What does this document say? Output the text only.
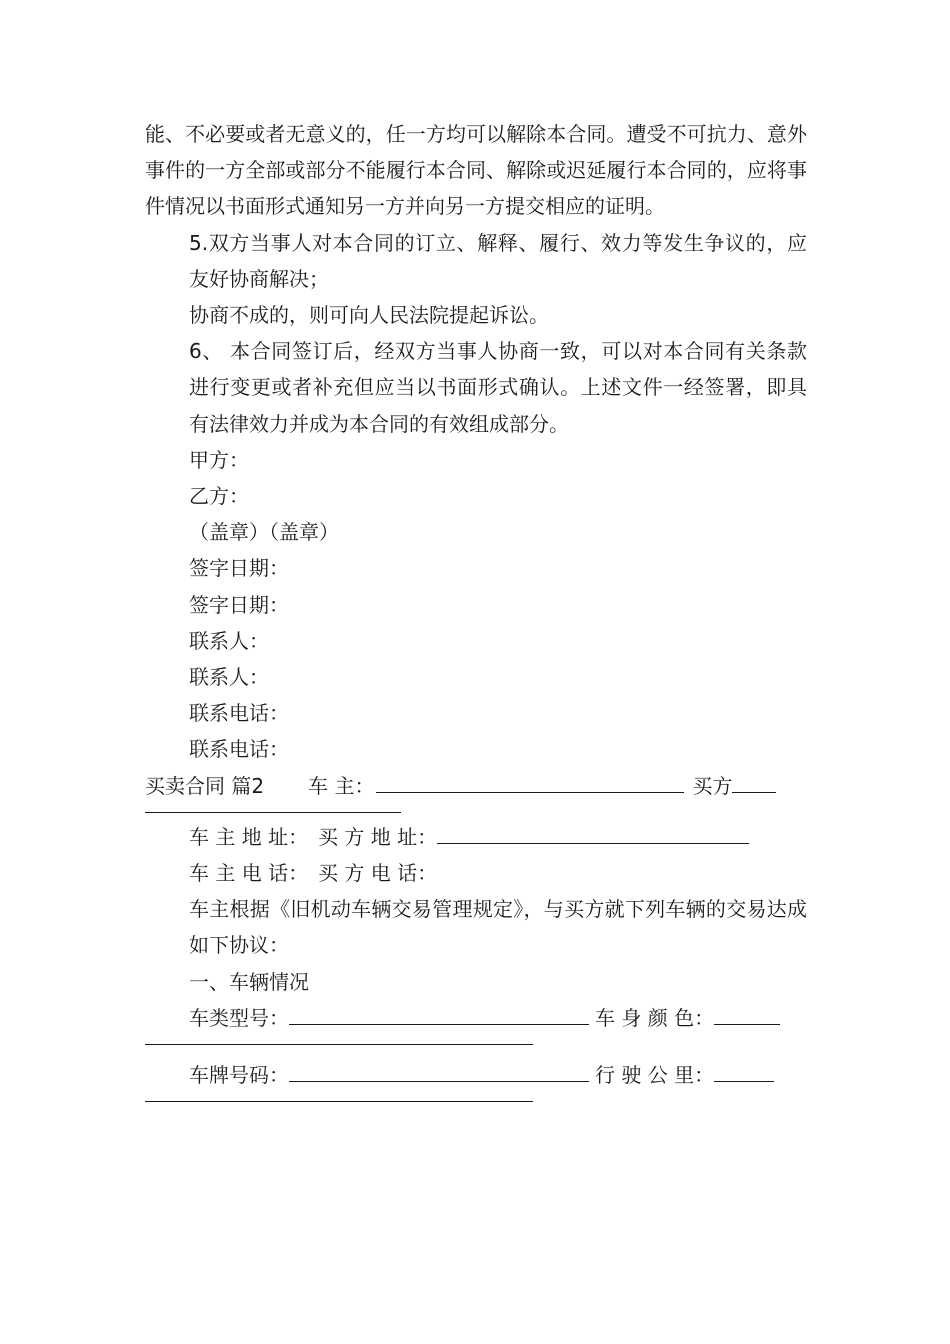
能、不必要或者无意义的，任一方均可以解除本合同。遭受不可抗力、意外事件的一方全部或部分不能履行本合同、解除或迟延履行本合同的，应将事件情况以书面形式通知另一方并向另一方提交相应的证明。

5.双方当事人对本合同的订立、解释、履行、效力等发生争议的，应友好协商解决；

协商不成的，则可向人民法院提起诉讼。

6、 本合同签订后，经双方当事人协商一致，可以对本合同有关条款进行变更或者补充但应当以书面形式确认。上述文件一经签署，即具有法律效力并成为本合同的有效组成部分。

甲方：
乙方：
（盖章）（盖章）
签字日期：
签字日期：
联系人：
联系人：
联系电话：
联系电话：
买卖合同 篇2 车 主：	买方
车 主 地 址： 买 方 地 址：
车 主 电 话： 买 方 电 话：

车主根据《旧机动车辆交易管理规定》，与买方就下列车辆的交易达成如下协议：

一、车辆情况
车类型号：	车 身 颜 色：
车牌号码：	行 驶 公 里：
